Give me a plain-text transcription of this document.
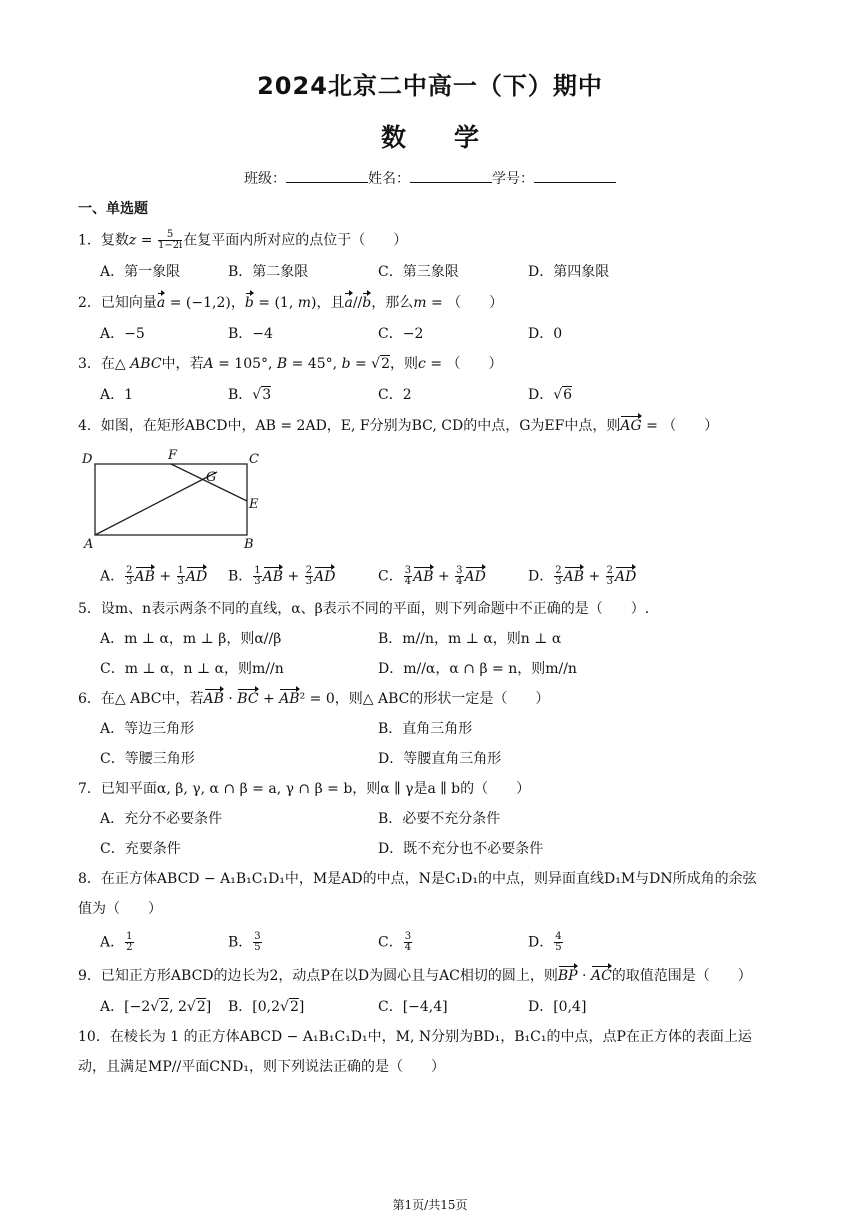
2024北京二中高一（下）期中
数学
班级：	姓名：	学号：
一、单选题
1．复数$z = \frac{5}{1-2i}$ 在复平面内所对应的点位于（　　）
A．第一象限	B．第二象限	C．第三象限	D．第四象限
2．已知向量a = (−1,2)，b = (1, m)，且a//b，那么m = （　　）
A．−5	B．−4	C．−2	D．0
3．在△ ABC中，若A = 105°, B = 45°, b = √2，则c = （　　）
A．1	B．√3	C．2	D．√6
4．如图，在矩形ABCD中，AB = 2AD，E, F分别为BC, CD的中点，G为EF中点，则AG = （　　）
D	F
G
C
E
A	B
A． $\frac{2}{3}$ AB + $\frac{1}{3}$ AD B． $\frac{1}{3}$ AB + $\frac{2}{3}$ AD	C． $\frac{3}{4}$ AB + $\frac{3}{4}$ AD	D． $\frac{2}{3}$ AB + $\frac{2}{3}$ AD
5．设m、n表示两条不同的直线，α、β表示不同的平面，则下列命题中不正确的是（　　）.
A．m ⊥ α，m ⊥ β，则α//β	B．m//n，m ⊥ α，则n ⊥ α
C．m ⊥ α，n ⊥ α，则m//n	D．m//α，α ∩ β = n，则m//n
6．在△ ABC中，若AB · BC + AB² = 0，则△ ABC的形状一定是（　　）
A．等边三角形	B．直角三角形
C．等腰三角形	D．等腰直角三角形
7．已知平面α, β, γ, α ∩ β = a, γ ∩ β = b，则α ∥ γ是a ∥ b的（　　）
A．充分不必要条件	B．必要不充分条件
C．充要条件	D．既不充分也不必要条件
8．在正方体ABCD − A₁B₁C₁D₁中，M是AD的中点，N是C₁D₁的中点，则异面直线D₁M与DN所成角的余弦
值为（　　）
A． $\frac{1}{2}$	B． $\frac{3}{5}$	C． $\frac{3}{4}$	D． $\frac{4}{5}$
9．已知正方形ABCD的边长为2，动点P在以D为圆心且与AC相切的圆上，则BP · AC的取值范围是（　　）
A．[−2√2, 2√2] B．[0,2√2]	C．[−4,4]	D．[0,4]
10．在棱长为 1 的正方体ABCD − A₁B₁C₁D₁中，M, N分别为BD₁，B₁C₁的中点，点P在正方体的表面上运
动，且满足MP//平面CND₁，则下列说法正确的是（　　）
第1页/共15页
